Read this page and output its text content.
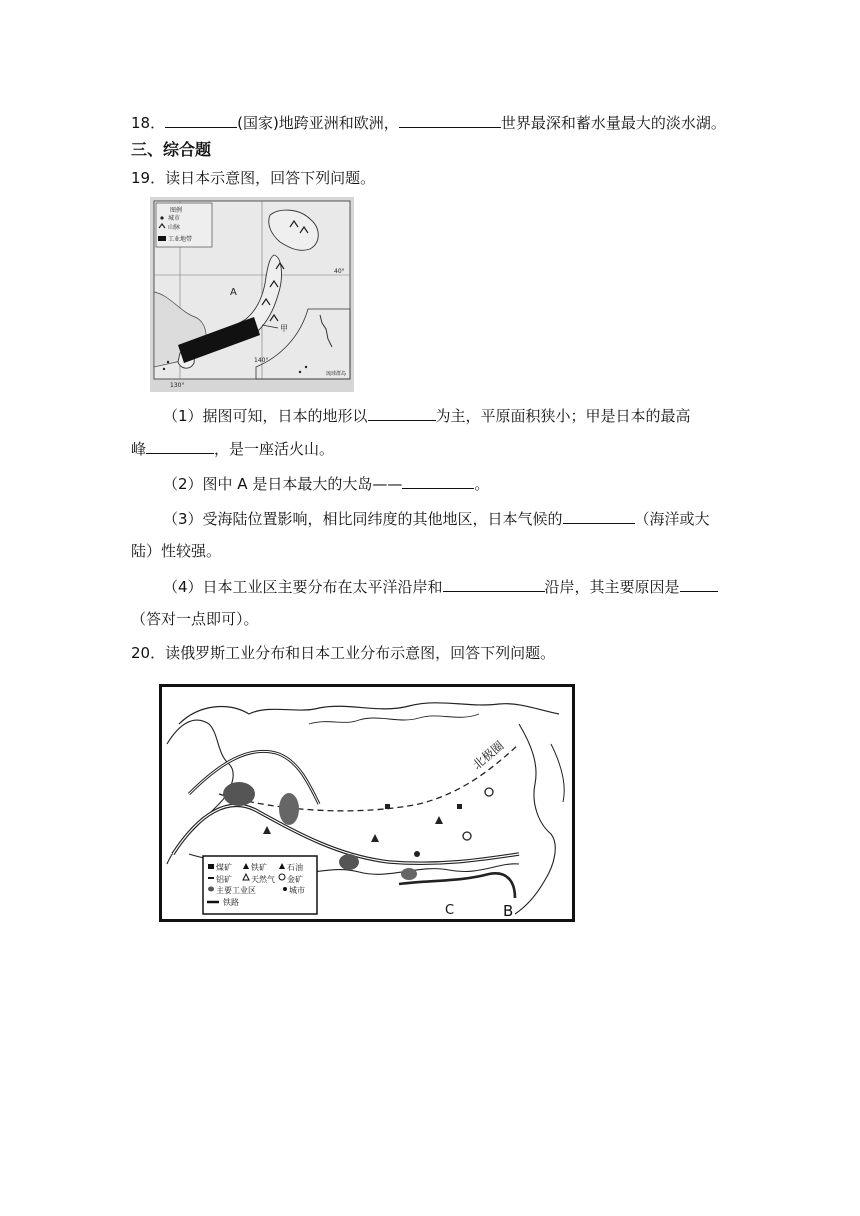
18．	(国家)地跨亚洲和欧洲，	世界最深和蓄水量最大的淡水湖。
三、综合题
19．读日本示意图，回答下列问题。
图例
城市
山脉
工业地带
A
甲
40°
140°
130°
琉球群岛
（1）据图可知，日本的地形以	为主，平原面积狭小；甲是日本的最高
峰	，是一座活火山。
（2）图中 A 是日本最大的大岛——	。
（3）受海陆位置影响，相比同纬度的其他地区，日本气候的	（海洋或大
陆）性较强。
（4）日本工业区主要分布在太平洋沿岸和	沿岸，其主要原因是
（答对一点即可）。
20．读俄罗斯工业分布和日本工业分布示意图，回答下列问题。
北极圈
B
C
煤矿 铁矿	石油
铝矿 天然气 金矿
主要工业区	城市
铁路
